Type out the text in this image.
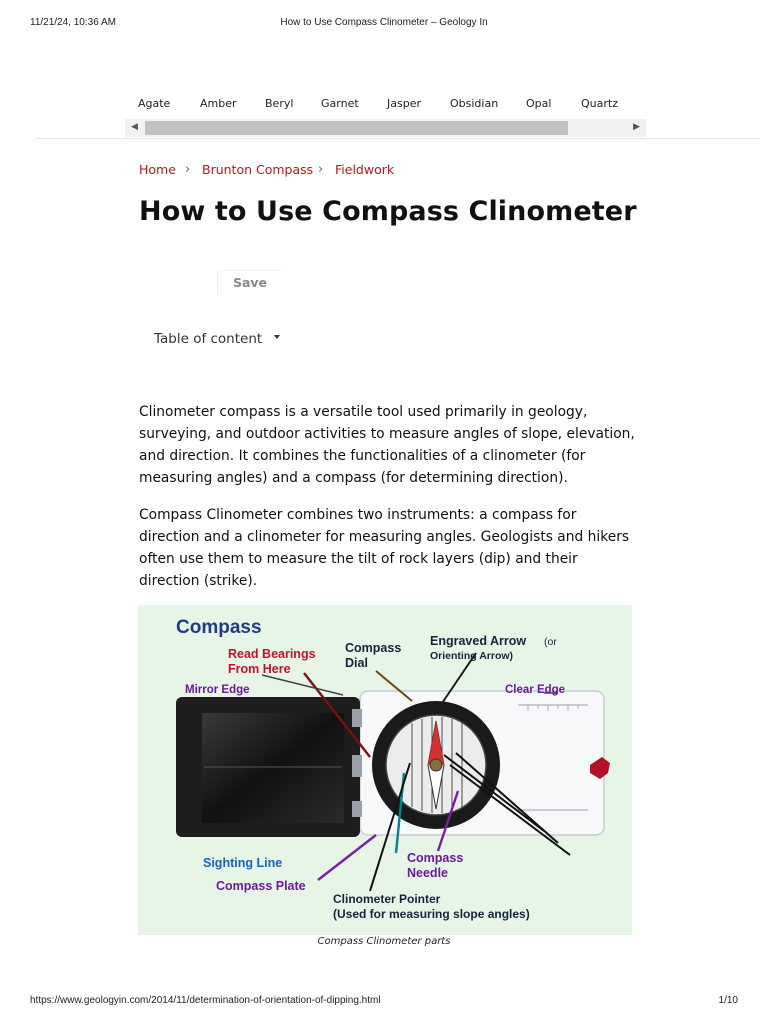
11/21/24, 10:36 AM	How to Use Compass Clinometer – Geology In
Agate	Amber	Beryl	Garnet	Jasper	Obsidian	Opal	Quartz
◀	▶
Home › Brunton Compass › Fieldwork
How to Use Compass Clinometer
Save
Table of content

Clinometer compass is a versatile tool used primarily in geology, surveying, and outdoor activities to measure angles of slope, elevation, and direction. It combines the functionalities of a clinometer (for measuring angles) and a compass (for determining direction).

Compass Clinometer combines two instruments: a compass for direction and a clinometer for measuring angles. Geologists and hikers often use them to measure the tilt of rock layers (dip) and their direction (strike).

Compass
Read Bearings
From Here
Compass
Dial
Engraved Arrow (or
Orienting Arrow)
Mirror Edge	Clear Edge
Sighting Line
Compass Plate
Compass
Needle
Clinometer Pointer
(Used for measuring slope angles)
Compass Clinometer parts
https://www.geologyin.com/2014/11/determination-of-orientation-of-dipping.html	1/10
